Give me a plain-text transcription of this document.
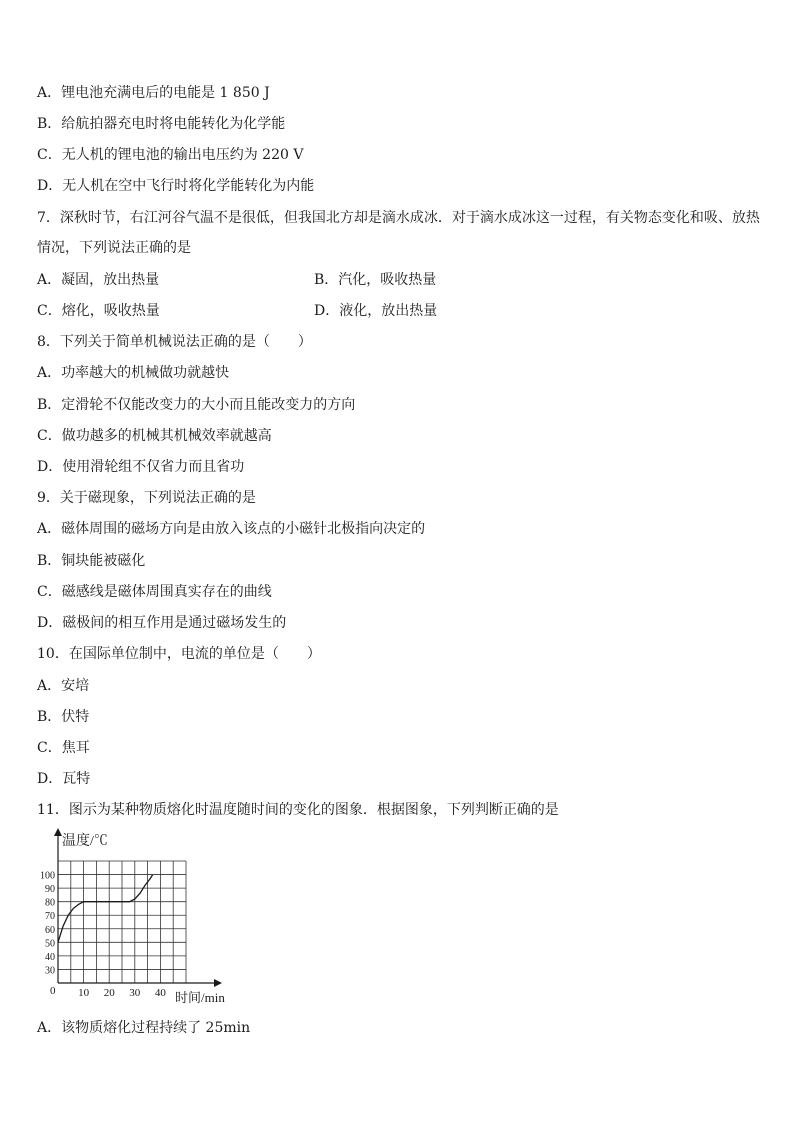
A．锂电池充满电后的电能是 1 850 J
B．给航拍器充电时将电能转化为化学能
C．无人机的锂电池的输出电压约为 220 V
D．无人机在空中飞行时将化学能转化为内能
7．深秋时节，右江河谷气温不是很低，但我国北方却是滴水成冰．对于滴水成冰这一过程，有关物态变化和吸、放热
情况，下列说法正确的是
A．凝固，放出热量	B．汽化，吸收热量
C．熔化，吸收热量	D．液化，放出热量
8．下列关于简单机械说法正确的是（　　）
A．功率越大的机械做功就越快
B．定滑轮不仅能改变力的大小而且能改变力的方向
C．做功越多的机械其机械效率就越高
D．使用滑轮组不仅省力而且省功
9．关于磁现象，下列说法正确的是
A．磁体周围的磁场方向是由放入该点的小磁针北极指向决定的
B．铜块能被磁化
C．磁感线是磁体周围真实存在的曲线
D．磁极间的相互作用是通过磁场发生的
10．在国际单位制中，电流的单位是（　　）
A．安培
B．伏特
C．焦耳
D．瓦特
11．图示为某种物质熔化时温度随时间的变化的图象．根据图象，下列判断正确的是
10 20 30 40
30
40
50
60
70
80
90
100
温度/℃
时间/min
0
A．该物质熔化过程持续了 25min
